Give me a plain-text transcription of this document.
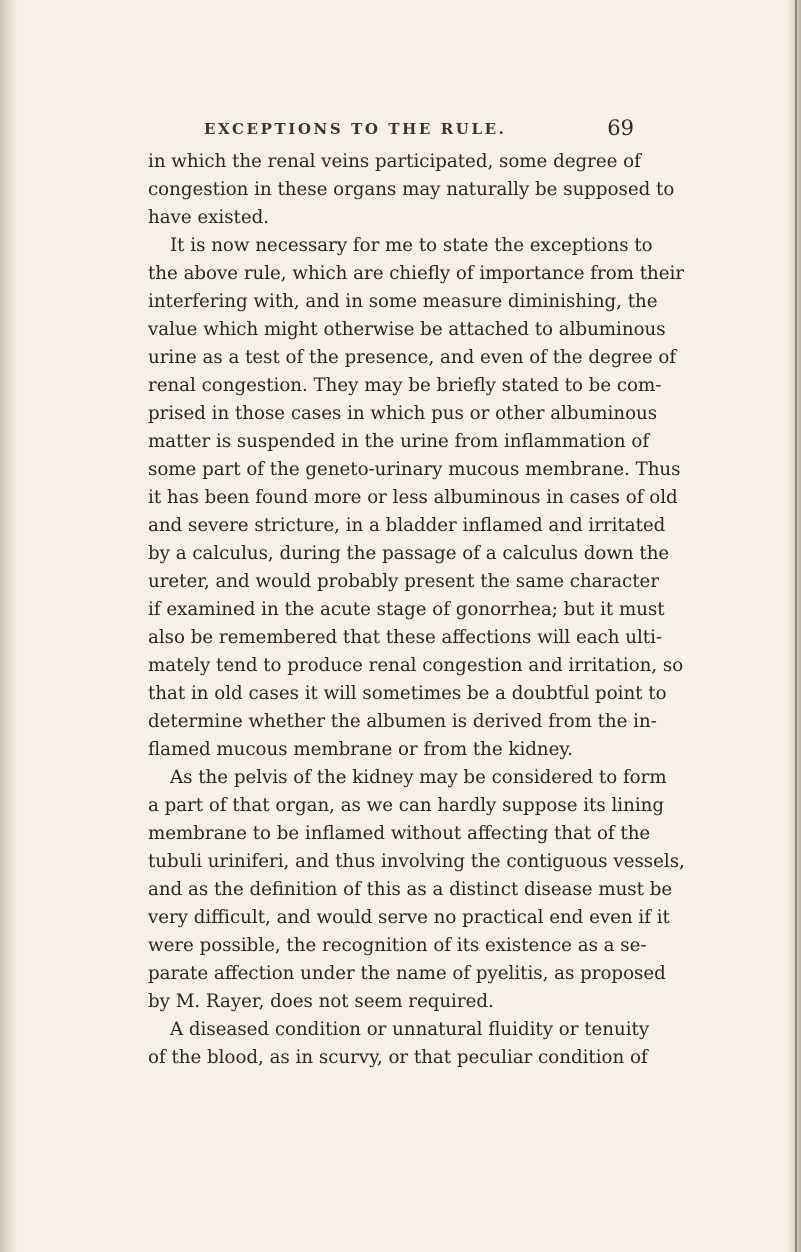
EXCEPTIONS TO THE RULE.	69
in which the renal veins participated, some degree of
congestion in these organs may naturally be supposed to
have existed.
It is now necessary for me to state the exceptions to
the above rule, which are chiefly of importance from their
interfering with, and in some measure diminishing, the
value which might otherwise be attached to albuminous
urine as a test of the presence, and even of the degree of
renal congestion. They may be briefly stated to be com-
prised in those cases in which pus or other albuminous
matter is suspended in the urine from inflammation of
some part of the geneto-urinary mucous membrane. Thus
it has been found more or less albuminous in cases of old
and severe stricture, in a bladder inflamed and irritated
by a calculus, during the passage of a calculus down the
ureter, and would probably present the same character
if examined in the acute stage of gonorrhea; but it must
also be remembered that these affections will each ulti-
mately tend to produce renal congestion and irritation, so
that in old cases it will sometimes be a doubtful point to
determine whether the albumen is derived from the in-
flamed mucous membrane or from the kidney.
As the pelvis of the kidney may be considered to form
a part of that organ, as we can hardly suppose its lining
membrane to be inflamed without affecting that of the
tubuli uriniferi, and thus involving the contiguous vessels,
and as the definition of this as a distinct disease must be
very difficult, and would serve no practical end even if it
were possible, the recognition of its existence as a se-
parate affection under the name of pyelitis, as proposed
by M. Rayer, does not seem required.
A diseased condition or unnatural fluidity or tenuity
of the blood, as in scurvy, or that peculiar condition of
